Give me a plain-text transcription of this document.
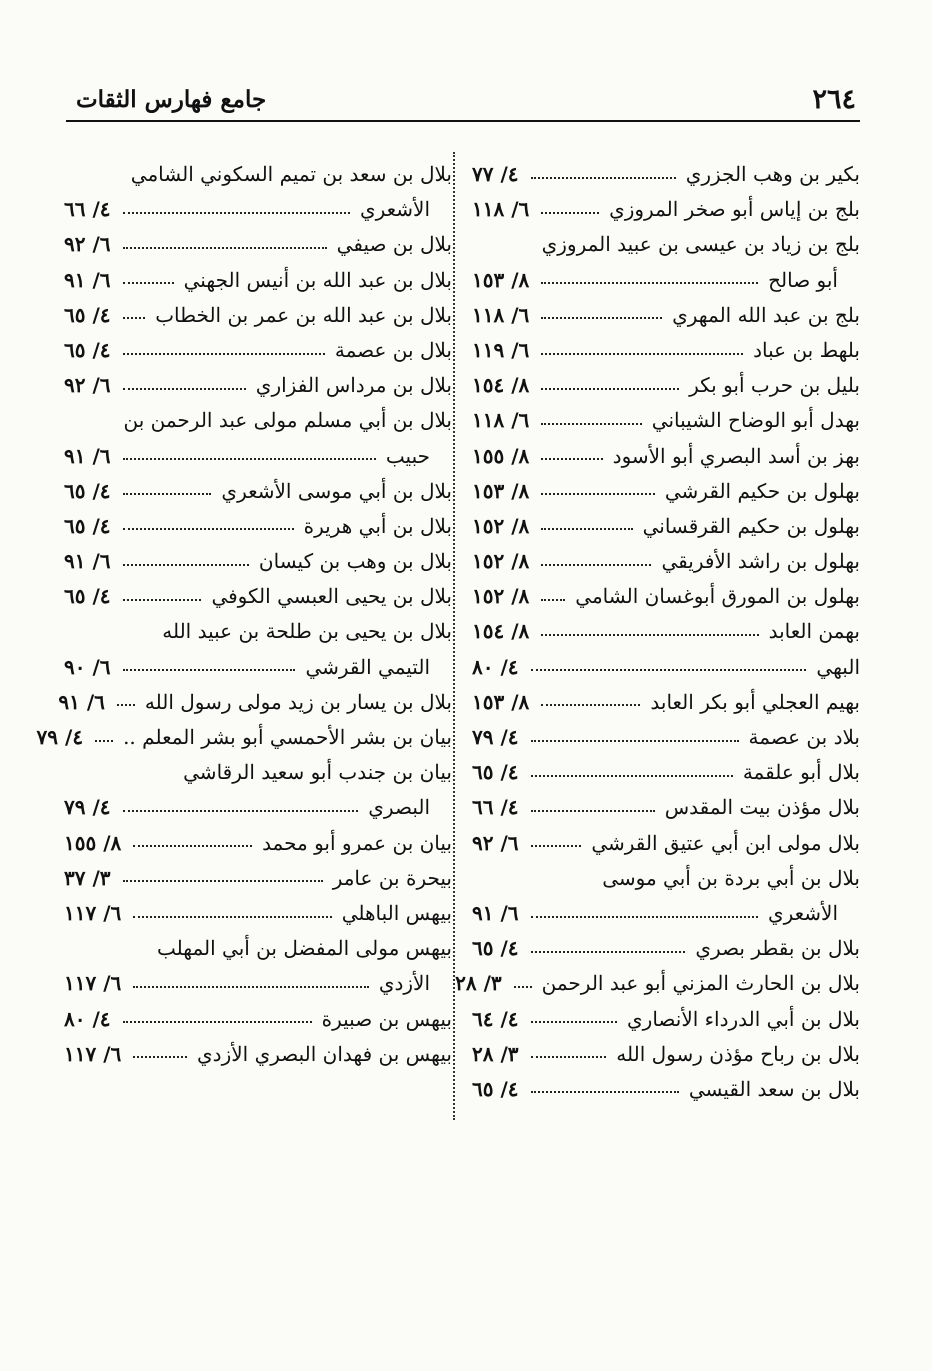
٢٦٤
جامع فهارس الثقات
بكير بن وهب الجزري
٤/ ٧٧
بلج بن إياس أبو صخر المروزي
٦/ ١١٨
بلج بن زياد بن عيسى بن عبيد المروزي
أبو صالح
٨/ ١٥٣
بلج بن عبد الله المهري
٦/ ١١٨
بلهط بن عباد
٦/ ١١٩
بليل بن حرب أبو بكر
٨/ ١٥٤
بهدل أبو الوضاح الشيباني
٦/ ١١٨
بهز بن أسد البصري أبو الأسود
٨/ ١٥٥
بهلول بن حكيم القرشي
٨/ ١٥٣
بهلول بن حكيم القرقساني
٨/ ١٥٢
بهلول بن راشد الأفريقي
٨/ ١٥٢
بهلول بن المورق أبوغسان الشامي
٨/ ١٥٢
بهمن العابد
٨/ ١٥٤
البهي
٤/ ٨٠
بهيم العجلي أبو بكر العابد
٨/ ١٥٣
بلاد بن عصمة
٤/ ٧٩
بلال أبو علقمة
٤/ ٦٥
بلال مؤذن بيت المقدس
٤/ ٦٦
بلال مولى ابن أبي عتيق القرشي
٦/ ٩٢
بلال بن أبي بردة بن أبي موسى
الأشعري
٦/ ٩١
بلال بن بقطر بصري
٤/ ٦٥
بلال بن الحارث المزني أبو عبد الرحمن
٣/ ٢٨
بلال بن أبي الدرداء الأنصاري
٤/ ٦٤
بلال بن رباح مؤذن رسول الله
٣/ ٢٨
بلال بن سعد القيسي
٤/ ٦٥
بلال بن سعد بن تميم السكوني الشامي
الأشعري
٤/ ٦٦
بلال بن صيفي
٦/ ٩٢
بلال بن عبد الله بن أنيس الجهني
٦/ ٩١
بلال بن عبد الله بن عمر بن الخطاب
٤/ ٦٥
بلال بن عصمة
٤/ ٦٥
بلال بن مرداس الفزاري
٦/ ٩٢
بلال بن أبي مسلم مولى عبد الرحمن بن
حبيب
٦/ ٩١
بلال بن أبي موسى الأشعري
٤/ ٦٥
بلال بن أبي هريرة
٤/ ٦٥
بلال بن وهب بن كيسان
٦/ ٩١
بلال بن يحيى العبسي الكوفي
٤/ ٦٥
بلال بن يحيى بن طلحة بن عبيد الله
التيمي القرشي
٦/ ٩٠
بلال بن يسار بن زيد مولى رسول الله
٦/ ٩١
بيان بن بشر الأحمسي أبو بشر المعلم ..
٤/ ٧٩
بيان بن جندب أبو سعيد الرقاشي
البصري
٤/ ٧٩
بيان بن عمرو أبو محمد
٨/ ١٥٥
بيحرة بن عامر
٣/ ٣٧
بيهس الباهلي
٦/ ١١٧
بيهس مولى المفضل بن أبي المهلب
الأزدي
٦/ ١١٧
بيهس بن صبيرة
٤/ ٨٠
بيهس بن فهدان البصري الأزدي
٦/ ١١٧
